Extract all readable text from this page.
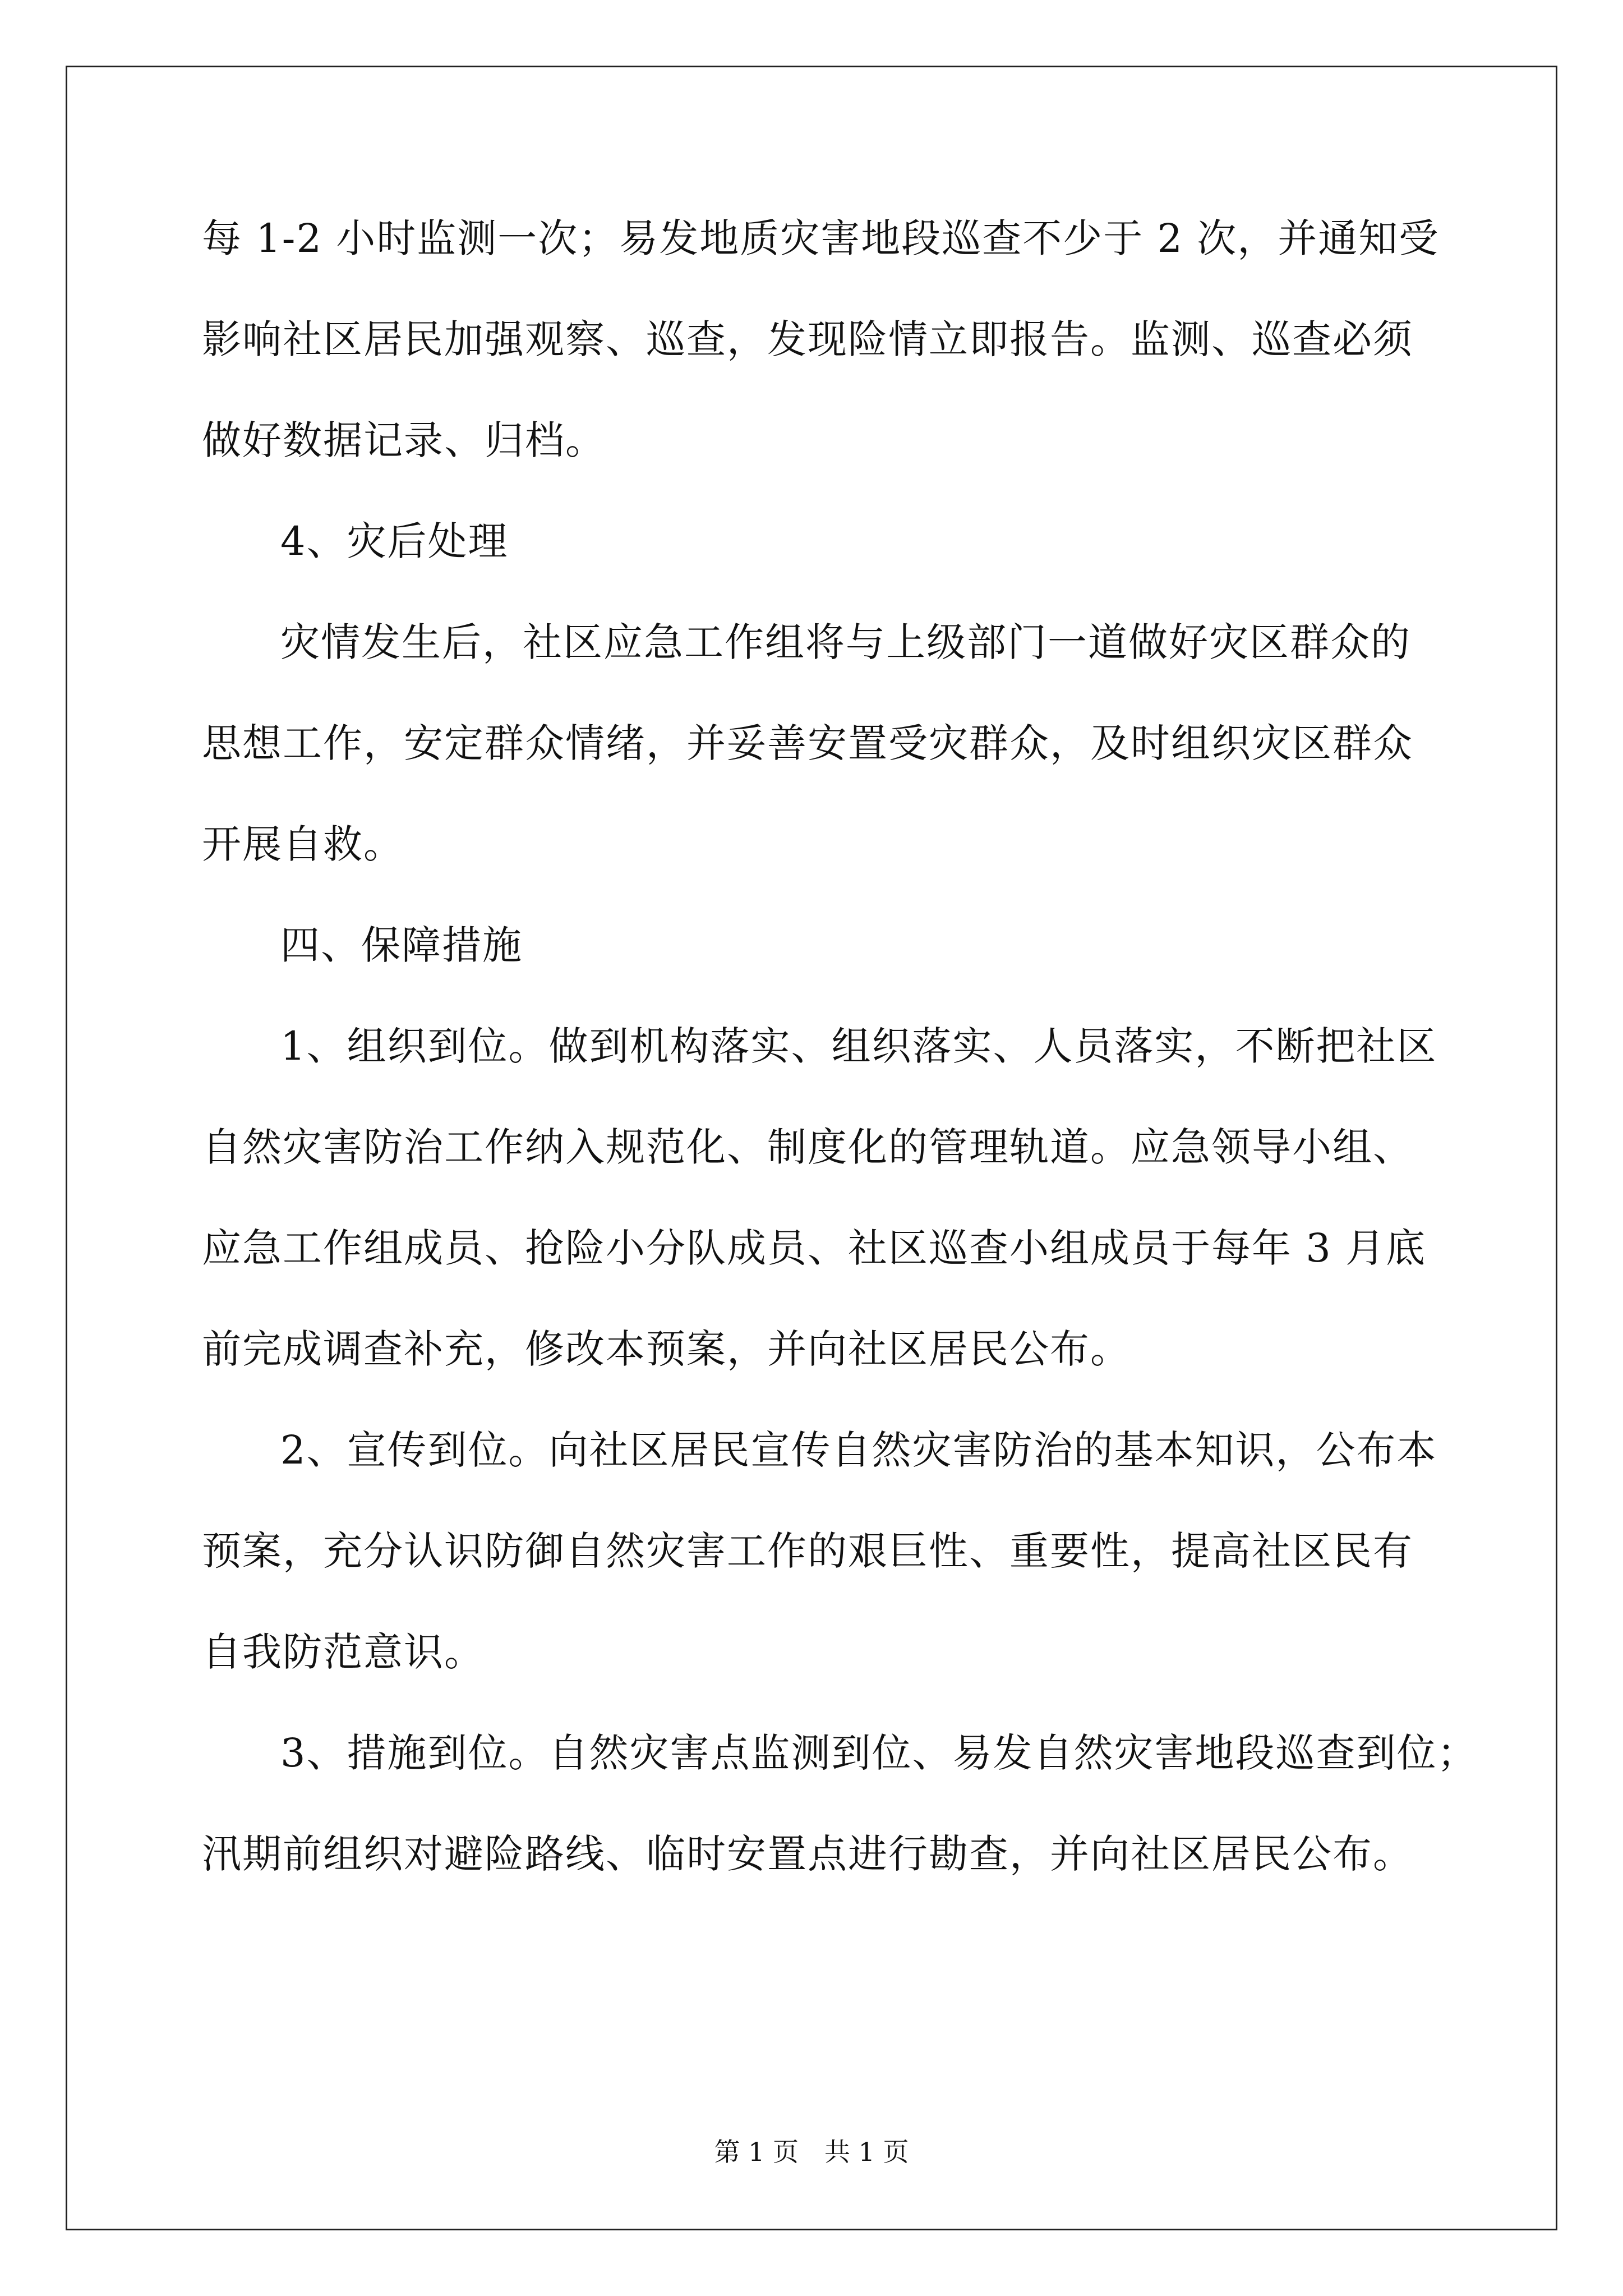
每 1-2 小时监测一次；易发地质灾害地段巡查不少于 2 次，并通知受
影响社区居民加强观察、巡查，发现险情立即报告。监测、巡查必须
做好数据记录、归档。
4、灾后处理
灾情发生后，社区应急工作组将与上级部门一道做好灾区群众的
思想工作，安定群众情绪，并妥善安置受灾群众，及时组织灾区群众
开展自救。
四、保障措施
1、组织到位。做到机构落实、组织落实、人员落实，不断把社区
自然灾害防治工作纳入规范化、制度化的管理轨道。应急领导小组、
应急工作组成员、抢险小分队成员、社区巡查小组成员于每年 3 月底
前完成调查补充，修改本预案，并向社区居民公布。
2、宣传到位。向社区居民宣传自然灾害防治的基本知识，公布本
预案，充分认识防御自然灾害工作的艰巨性、重要性，提高社区民有
自我防范意识。
3、措施到位。自然灾害点监测到位、易发自然灾害地段巡查到位；
汛期前组织对避险路线、临时安置点进行勘查，并向社区居民公布。
第 1 页　共 1 页
